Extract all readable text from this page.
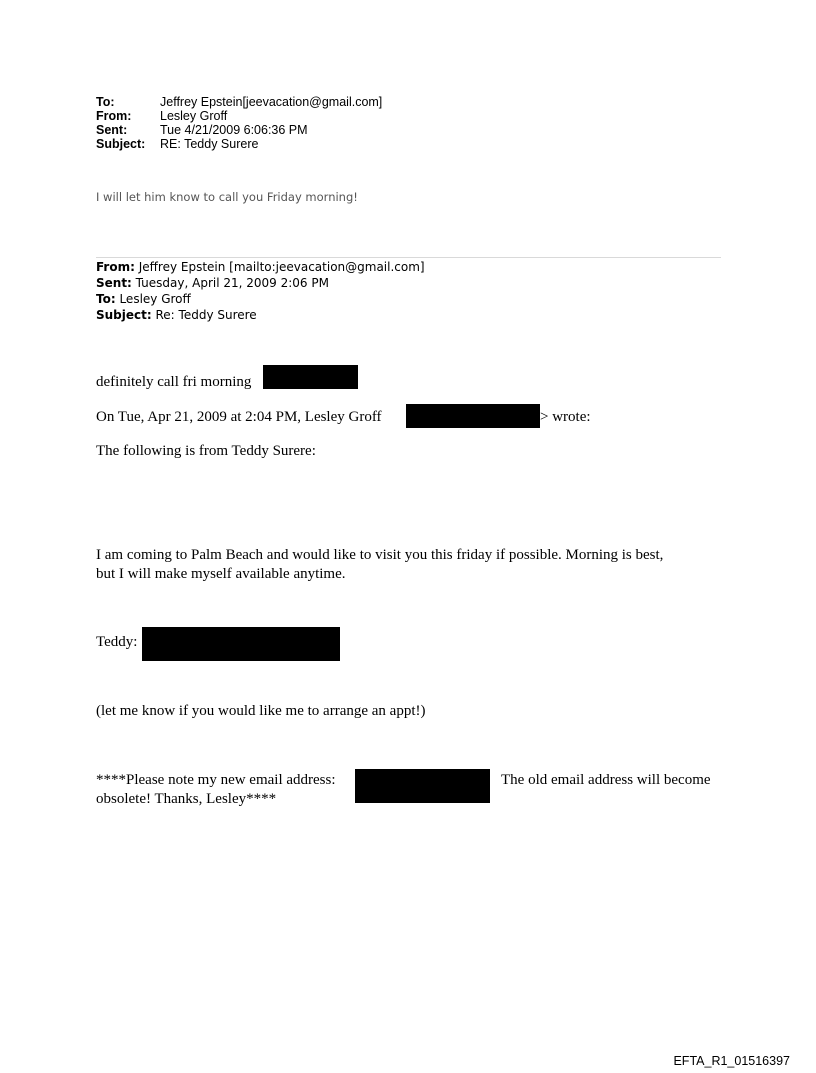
To:	Jeffrey Epstein[jeevacation@gmail.com]
From:	Lesley Groff
Sent:	Tue 4/21/2009 6:06:36 PM
Subject:	RE: Teddy Surere
I will let him know to call you Friday morning!
From: Jeffrey Epstein [mailto:jeevacation@gmail.com]
Sent: Tuesday, April 21, 2009 2:06 PM
To: Lesley Groff
Subject: Re: Teddy Surere
definitely call fri morning
On Tue, Apr 21, 2009 at 2:04 PM, Lesley Groff	> wrote:
The following is from Teddy Surere:
I am coming to Palm Beach and would like to visit you this friday if possible. Morning is best,
but I will make myself available anytime.
Teddy:
(let me know if you would like me to arrange an appt!)
****Please note my new email address:	The old email address will become
obsolete! Thanks, Lesley****
EFTA_R1_01516397
